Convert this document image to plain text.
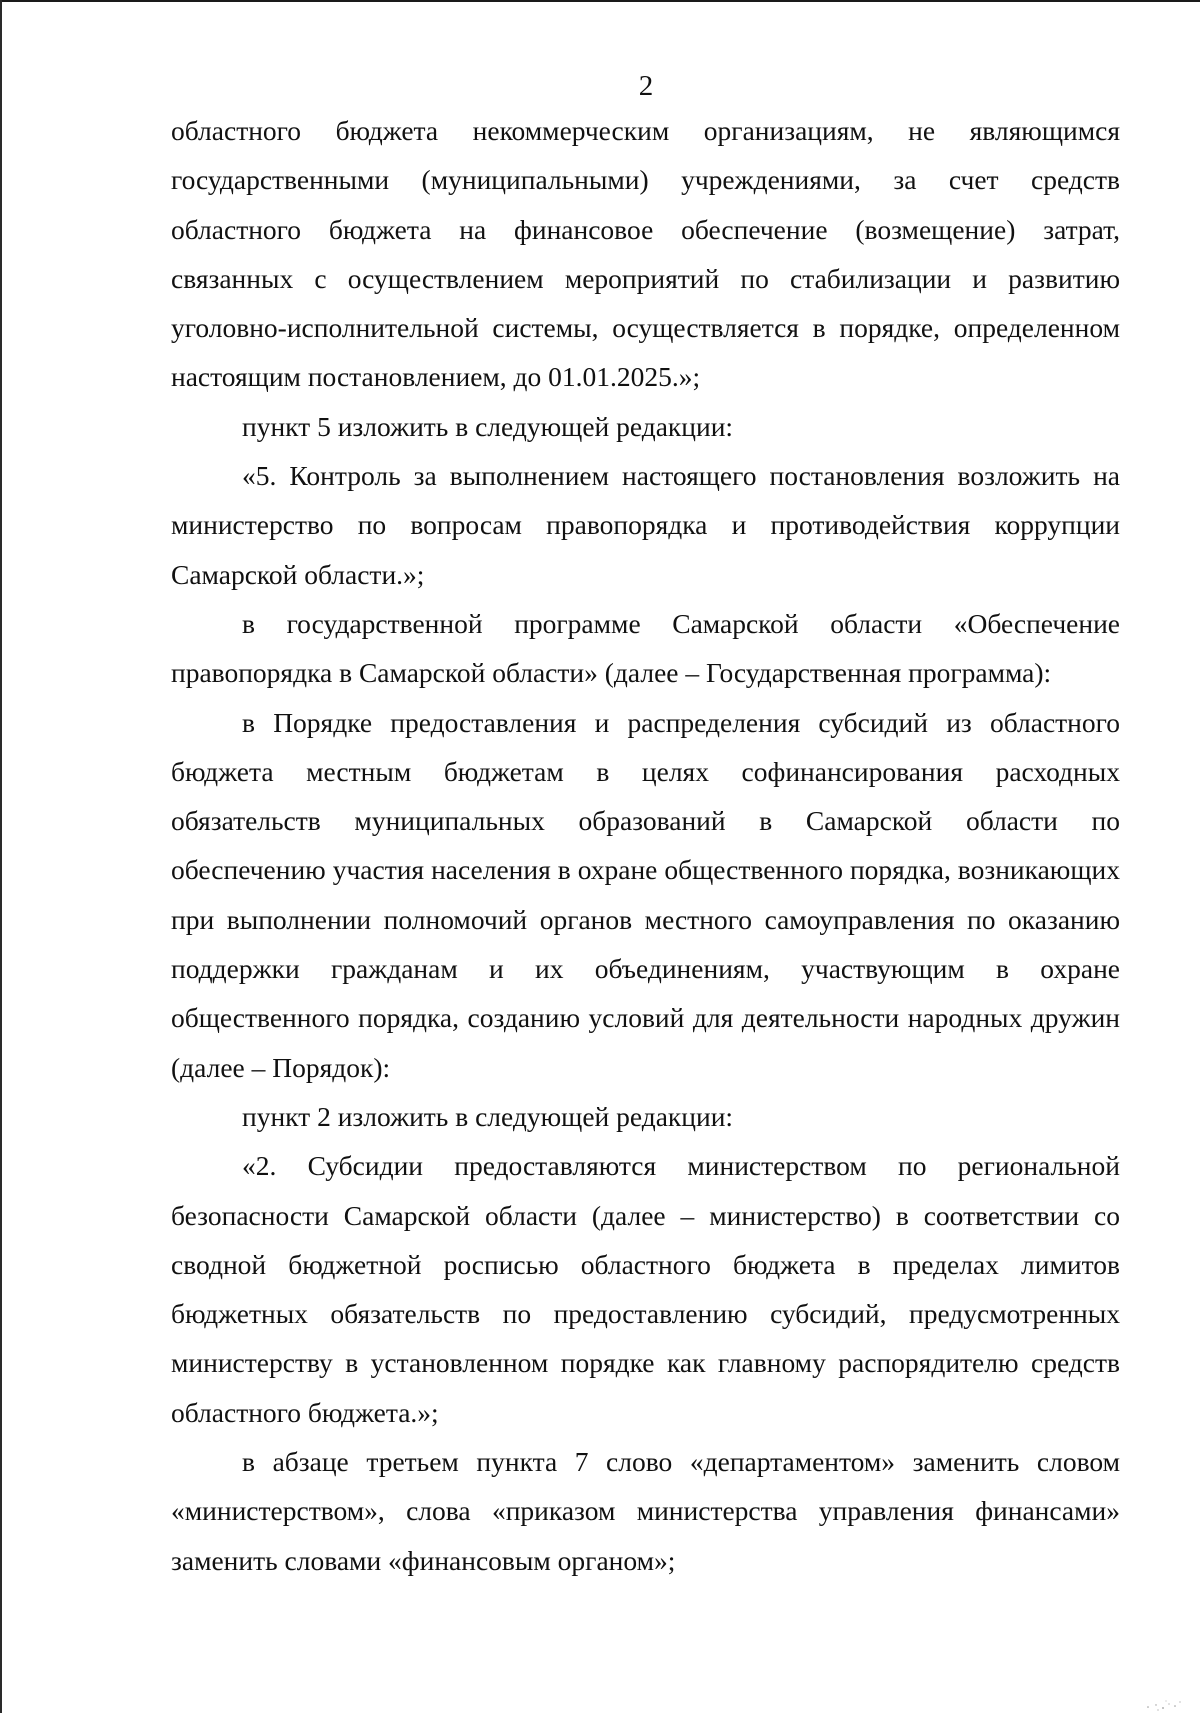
2

областного бюджета некоммерческим организациям, не являющимся государственными (муниципальными) учреждениями, за счет средств областного бюджета на финансовое обеспечение (возмещение) затрат, связанных с осуществлением мероприятий по стабилизации и развитию уголовно-исполнительной системы, осуществляется в порядке, определенном настоящим постановлением, до 01.01.2025.»;

пункт 5 изложить в следующей редакции:

«5. Контроль за выполнением настоящего постановления возложить на министерство по вопросам правопорядка и противодействия коррупции Самарской области.»;

в государственной программе Самарской области «Обеспечение правопорядка в Самарской области» (далее – Государственная программа):

в Порядке предоставления и распределения субсидий из областного бюджета местным бюджетам в целях софинансирования расходных обязательств муниципальных образований в Самарской области по обеспечению участия населения в охране общественного порядка, возникающих при выполнении полномочий органов местного самоуправления по оказанию поддержки гражданам и их объединениям, участвующим в охране общественного порядка, созданию условий для деятельности народных дружин (далее – Порядок):

пункт 2 изложить в следующей редакции:

«2. Субсидии предоставляются министерством по региональной безопасности Самарской области (далее – министерство) в соответствии со сводной бюджетной росписью областного бюджета в пределах лимитов бюджетных обязательств по предоставлению субсидий, предусмотренных министерству в установленном порядке как главному распорядителю средств областного бюджета.»;

в абзаце третьем пункта 7 слово «департаментом» заменить словом «министерством», слова «приказом министерства управления финансами» заменить словами «финансовым органом»;
